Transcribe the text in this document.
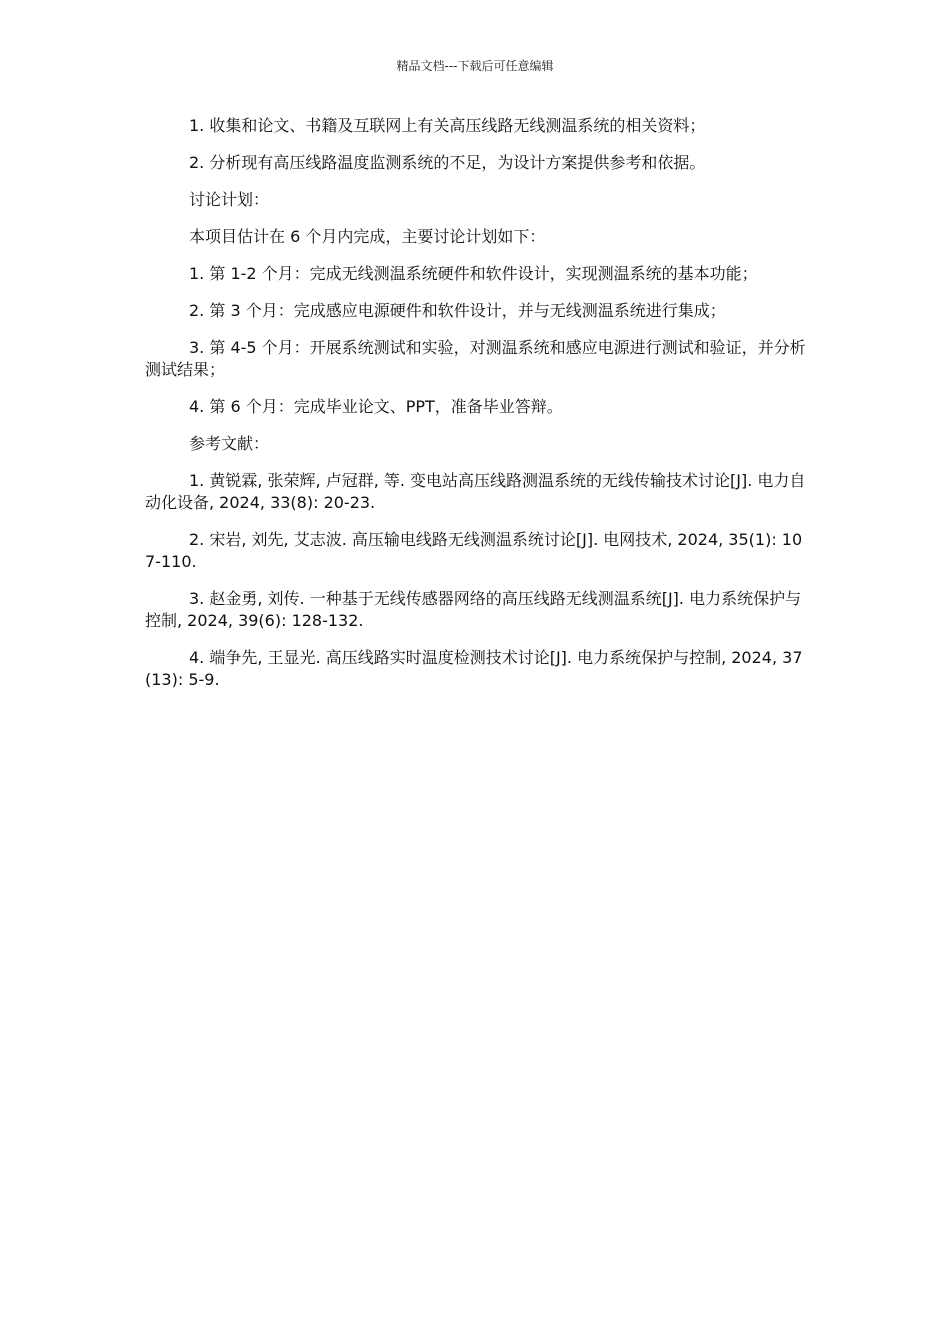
精品文档---下载后可任意编辑

1. 收集和论文、书籍及互联网上有关高压线路无线测温系统的相关资料；

2. 分析现有高压线路温度监测系统的不足，为设计方案提供参考和依据。

讨论计划：

本项目估计在 6 个月内完成，主要讨论计划如下：

1. 第 1-2 个月：完成无线测温系统硬件和软件设计，实现测温系统的基本功能；

2. 第 3 个月：完成感应电源硬件和软件设计，并与无线测温系统进行集成；

3. 第 4-5 个月：开展系统测试和实验，对测温系统和感应电源进行测试和验证，并分析测试结果；

4. 第 6 个月：完成毕业论文、PPT，准备毕业答辩。

参考文献：

1. 黄锐霖, 张荣辉, 卢冠群, 等. 变电站高压线路测温系统的无线传输技术讨论[J]. 电力自动化设备, 2024, 33(8): 20-23.

2. 宋岩, 刘先, 艾志波. 高压输电线路无线测温系统讨论[J]. 电网技术, 2024, 35(1): 107-110.

3. 赵金勇, 刘传. 一种基于无线传感器网络的高压线路无线测温系统[J]. 电力系统保护与控制, 2024, 39(6): 128-132.

4. 端争先, 王显光. 高压线路实时温度检测技术讨论[J]. 电力系统保护与控制, 2024, 37(13): 5-9.
